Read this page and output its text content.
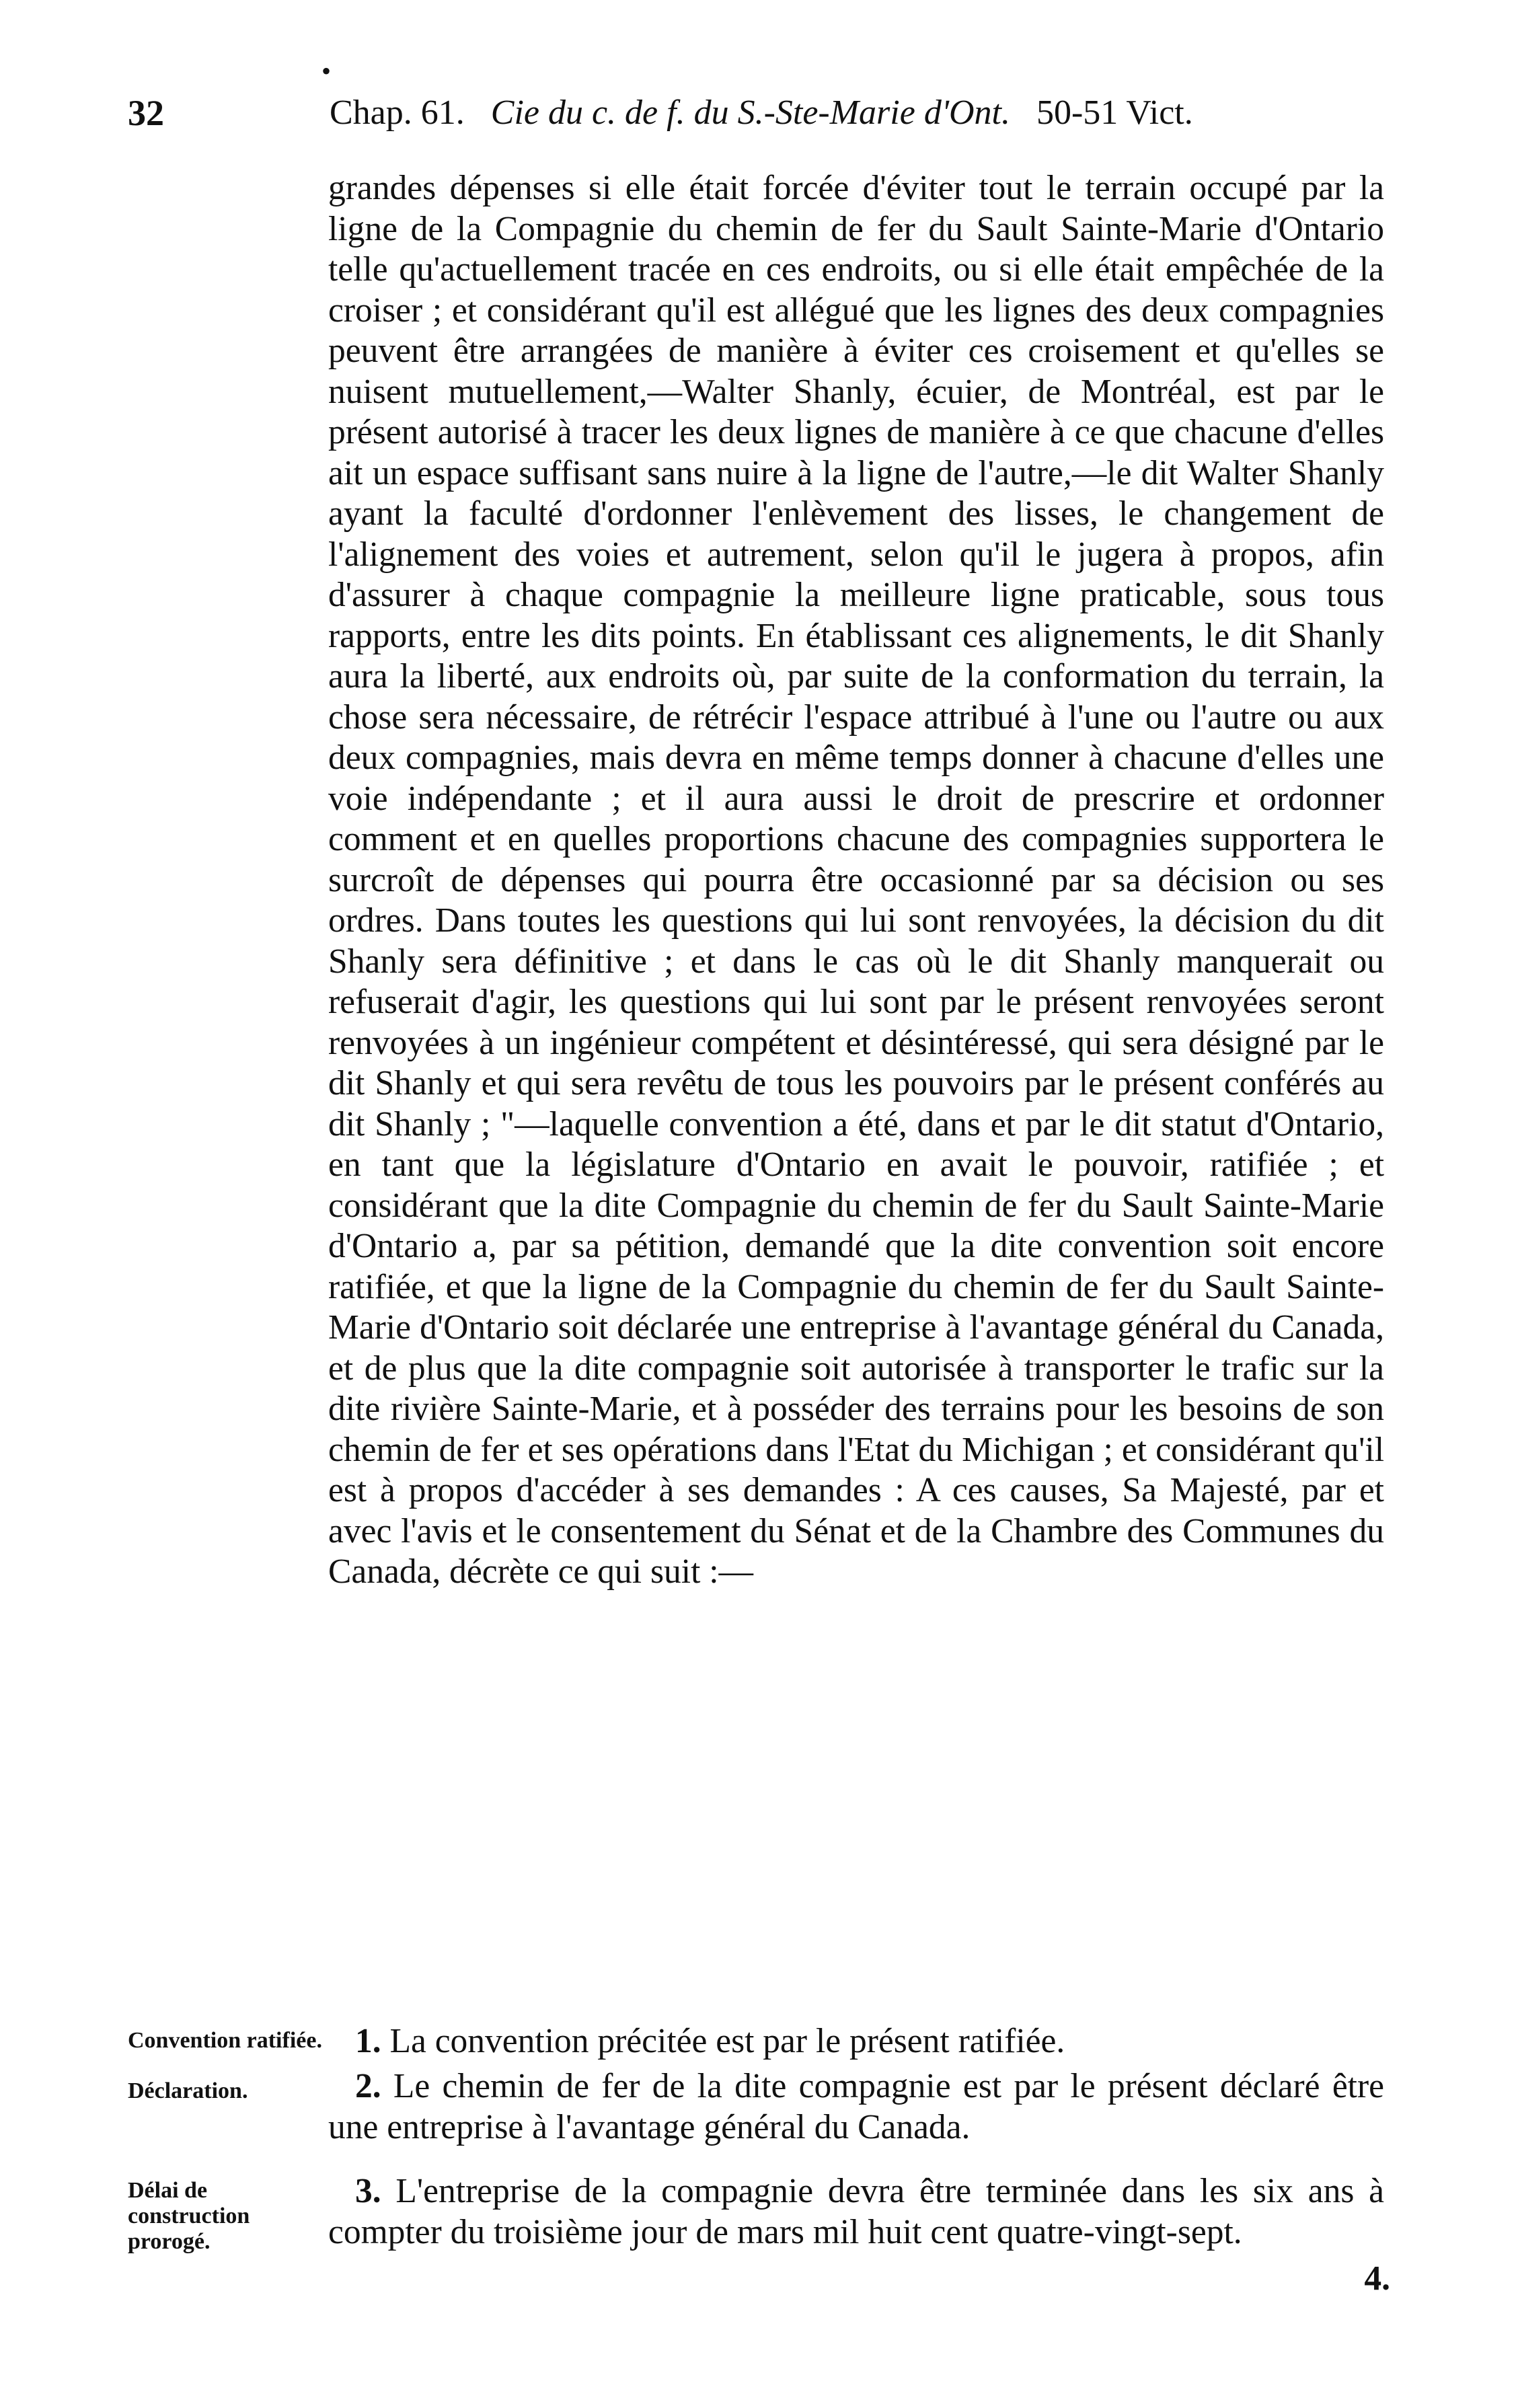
•
32	Chap. 61. Cie du c. de f. du S.-Ste-Marie d'Ont. 50-51 Vict.

grandes dépenses si elle était forcée d'éviter tout le terrain occupé par la ligne de la Compagnie du chemin de fer du Sault Sainte-Marie d'Ontario telle qu'actuellement tracée en ces endroits, ou si elle était empêchée de la croiser ; et considérant qu'il est allégué que les lignes des deux compagnies peuvent être arrangées de manière à éviter ces croisement et qu'elles se nuisent mutuellement,—Walter Shanly, écuier, de Montréal, est par le présent autorisé à tracer les deux lignes de manière à ce que chacune d'elles ait un espace suffisant sans nuire à la ligne de l'autre,—le dit Walter Shanly ayant la faculté d'ordonner l'enlèvement des lisses, le changement de l'alignement des voies et autrement, selon qu'il le jugera à propos, afin d'assurer à chaque compagnie la meilleure ligne praticable, sous tous rapports, entre les dits points. En établissant ces alignements, le dit Shanly aura la liberté, aux endroits où, par suite de la conformation du terrain, la chose sera nécessaire, de rétrécir l'espace attribué à l'une ou l'autre ou aux deux compagnies, mais devra en même temps donner à chacune d'elles une voie indépendante ; et il aura aussi le droit de prescrire et ordonner comment et en quelles proportions chacune des compagnies supportera le surcroît de dépenses qui pourra être occasionné par sa décision ou ses ordres. Dans toutes les questions qui lui sont renvoyées, la décision du dit Shanly sera définitive ; et dans le cas où le dit Shanly manquerait ou refuserait d'agir, les questions qui lui sont par le présent renvoyées seront renvoyées à un ingénieur compétent et désintéressé, qui sera désigné par le dit Shanly et qui sera revêtu de tous les pouvoirs par le présent conférés au dit Shanly ; "—laquelle convention a été, dans et par le dit statut d'Ontario, en tant que la législature d'Ontario en avait le pouvoir, ratifiée ; et considérant que la dite Compagnie du chemin de fer du Sault Sainte-Marie d'Ontario a, par sa pétition, demandé que la dite convention soit encore ratifiée, et que la ligne de la Compagnie du chemin de fer du Sault Sainte-Marie d'Ontario soit déclarée une entreprise à l'avantage général du Canada, et de plus que la dite compagnie soit autorisée à transporter le trafic sur la dite rivière Sainte-Marie, et à posséder des terrains pour les besoins de son chemin de fer et ses opérations dans l'Etat du Michigan ; et considérant qu'il est à propos d'accéder à ses demandes : A ces causes, Sa Majesté, par et avec l'avis et le consentement du Sénat et de la Chambre des Communes du Canada, décrète ce qui suit :—

Convention ratifiée. 1. La convention précitée est par le présent ratifiée.

Déclaration.	2. Le chemin de fer de la dite compagnie est par le présent déclaré être une entreprise à l'avantage général du Canada.

Délai de construction prorogé.

3. L'entreprise de la compagnie devra être terminée dans les six ans à compter du troisième jour de mars mil huit cent quatre-vingt-sept.

4.
